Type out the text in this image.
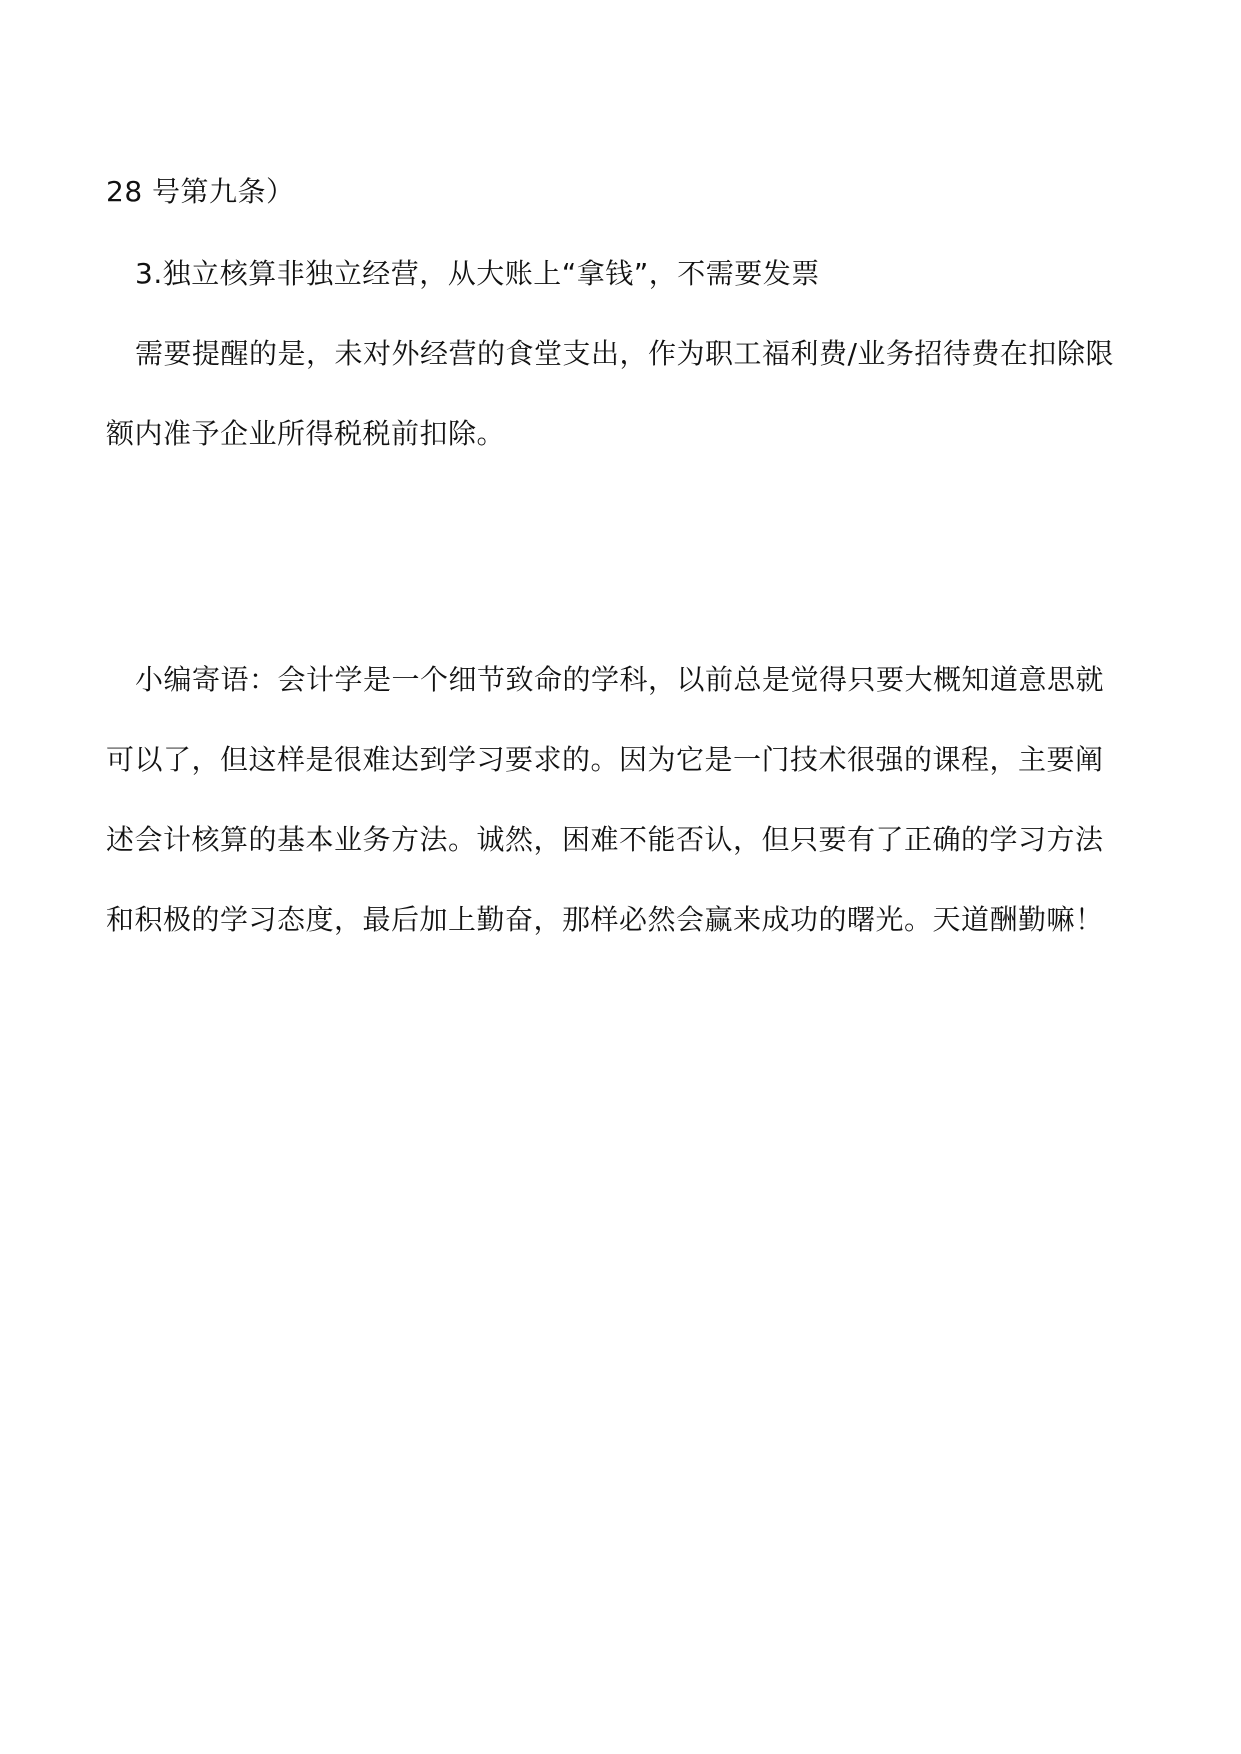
28 号第九条）
3.独立核算非独立经营，从大账上“拿钱”，不需要发票
需要提醒的是，未对外经营的食堂支出，作为职工福利费/业务招待费在扣除限
额内准予企业所得税税前扣除。
小编寄语：会计学是一个细节致命的学科，以前总是觉得只要大概知道意思就
可以了，但这样是很难达到学习要求的。因为它是一门技术很强的课程，主要阐
述会计核算的基本业务方法。诚然，困难不能否认，但只要有了正确的学习方法
和积极的学习态度，最后加上勤奋，那样必然会赢来成功的曙光。天道酬勤嘛！
